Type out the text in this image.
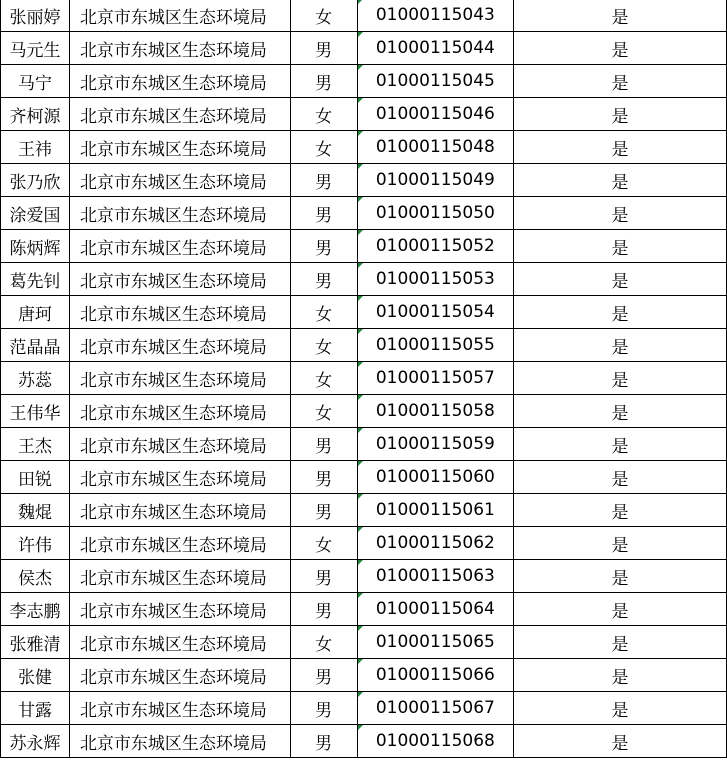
张丽婷	北京市东城区生态环境局	女	01000115043	是
马元生	北京市东城区生态环境局	男	01000115044	是
马宁	北京市东城区生态环境局	男	01000115045	是
齐柯源	北京市东城区生态环境局	女	01000115046	是
王祎	北京市东城区生态环境局	女	01000115048	是
张乃欣	北京市东城区生态环境局	男	01000115049	是
涂爱国	北京市东城区生态环境局	男	01000115050	是
陈炳辉	北京市东城区生态环境局	男	01000115052	是
葛先钊	北京市东城区生态环境局	男	01000115053	是
唐珂	北京市东城区生态环境局	女	01000115054	是
范晶晶	北京市东城区生态环境局	女	01000115055	是
苏蕊	北京市东城区生态环境局	女	01000115057	是
王伟华	北京市东城区生态环境局	女	01000115058	是
王杰	北京市东城区生态环境局	男	01000115059	是
田锐	北京市东城区生态环境局	男	01000115060	是
魏焜	北京市东城区生态环境局	男	01000115061	是
许伟	北京市东城区生态环境局	女	01000115062	是
侯杰	北京市东城区生态环境局	男	01000115063	是
李志鹏	北京市东城区生态环境局	男	01000115064	是
张雅清	北京市东城区生态环境局	女	01000115065	是
张健	北京市东城区生态环境局	男	01000115066	是
甘露	北京市东城区生态环境局	男	01000115067	是
苏永辉	北京市东城区生态环境局	男	01000115068	是
